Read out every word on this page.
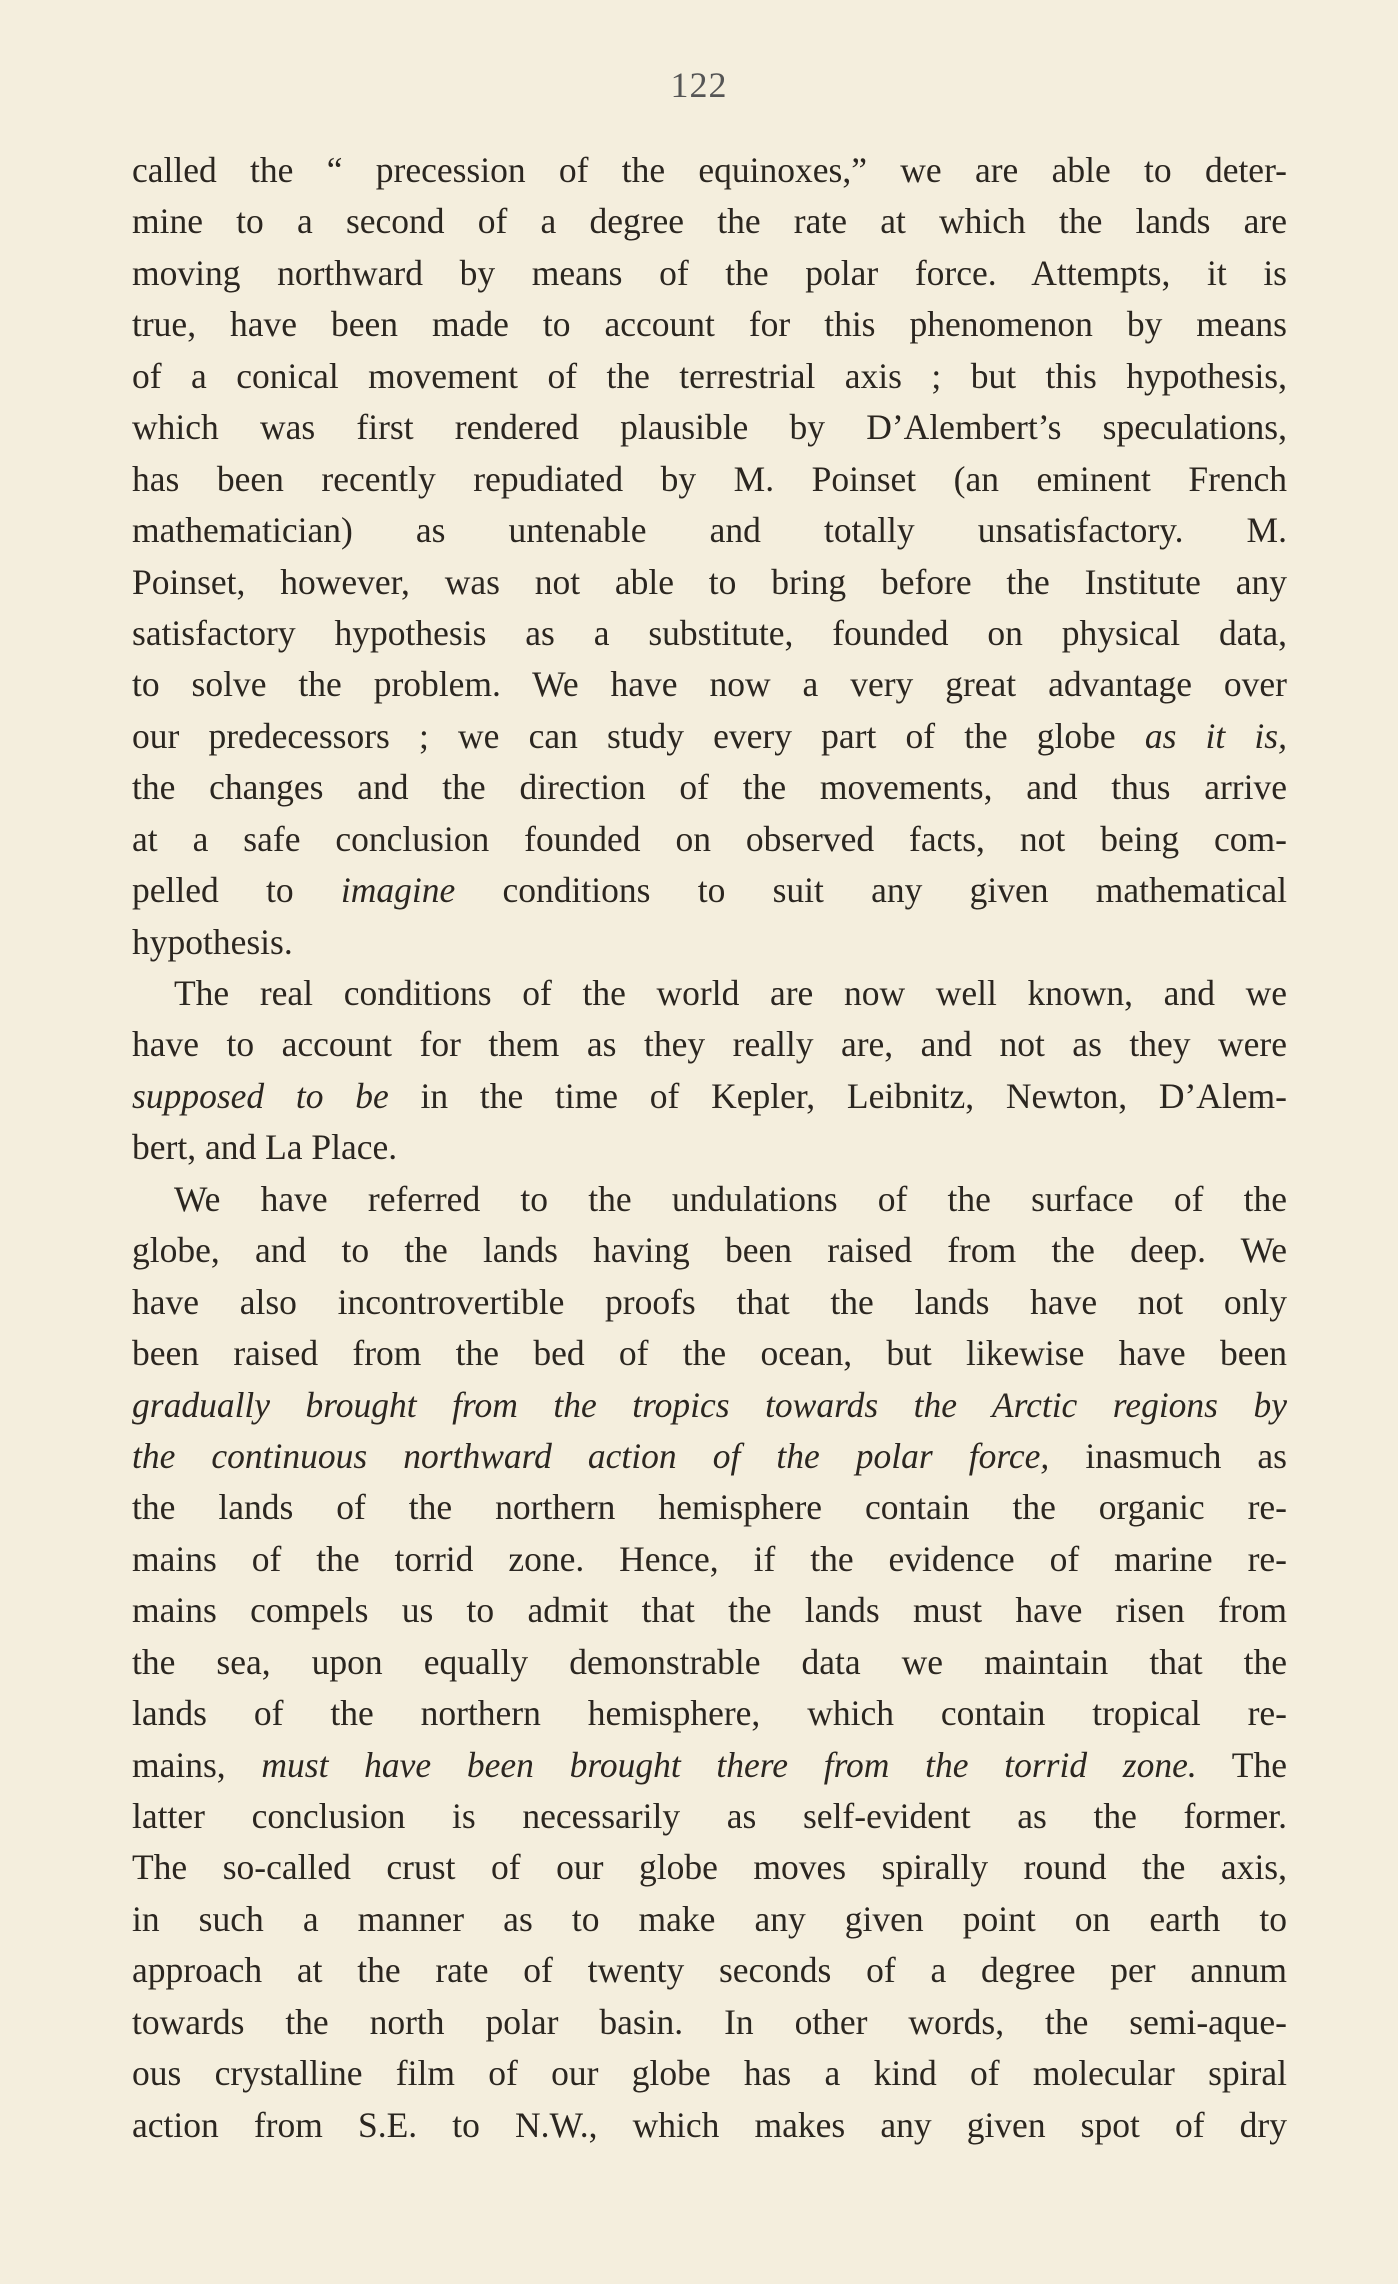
122
called the “ precession of the equinoxes,” we are able to deter-
mine to a second of a degree the rate at which the lands are
moving northward by means of the polar force. Attempts, it is
true, have been made to account for this phenomenon by means
of a conical movement of the terrestrial axis ; but this hypothesis,
which was first rendered plausible by D’Alembert’s speculations,
has been recently repudiated by M. Poinset (an eminent French
mathematician) as untenable and totally unsatisfactory. M.
Poinset, however, was not able to bring before the Institute any
satisfactory hypothesis as a substitute, founded on physical data,
to solve the problem. We have now a very great advantage over
our predecessors ; we can study every part of the globe as it is,
the changes and the direction of the movements, and thus arrive
at a safe conclusion founded on observed facts, not being com-
pelled to imagine conditions to suit any given mathematical
hypothesis.
The real conditions of the world are now well known, and we
have to account for them as they really are, and not as they were
supposed to be in the time of Kepler, Leibnitz, Newton, D’Alem-
bert, and La Place.
We have referred to the undulations of the surface of the
globe, and to the lands having been raised from the deep. We
have also incontrovertible proofs that the lands have not only
been raised from the bed of the ocean, but likewise have been
gradually brought from the tropics towards the Arctic regions by
the continuous northward action of the polar force, inasmuch as
the lands of the northern hemisphere contain the organic re-
mains of the torrid zone. Hence, if the evidence of marine re-
mains compels us to admit that the lands must have risen from
the sea, upon equally demonstrable data we maintain that the
lands of the northern hemisphere, which contain tropical re-
mains, must have been brought there from the torrid zone. The
latter conclusion is necessarily as self-evident as the former.
The so-called crust of our globe moves spirally round the axis,
in such a manner as to make any given point on earth to
approach at the rate of twenty seconds of a degree per annum
towards the north polar basin. In other words, the semi-aque-
ous crystalline film of our globe has a kind of molecular spiral
action from S.E. to N.W., which makes any given spot of dry
